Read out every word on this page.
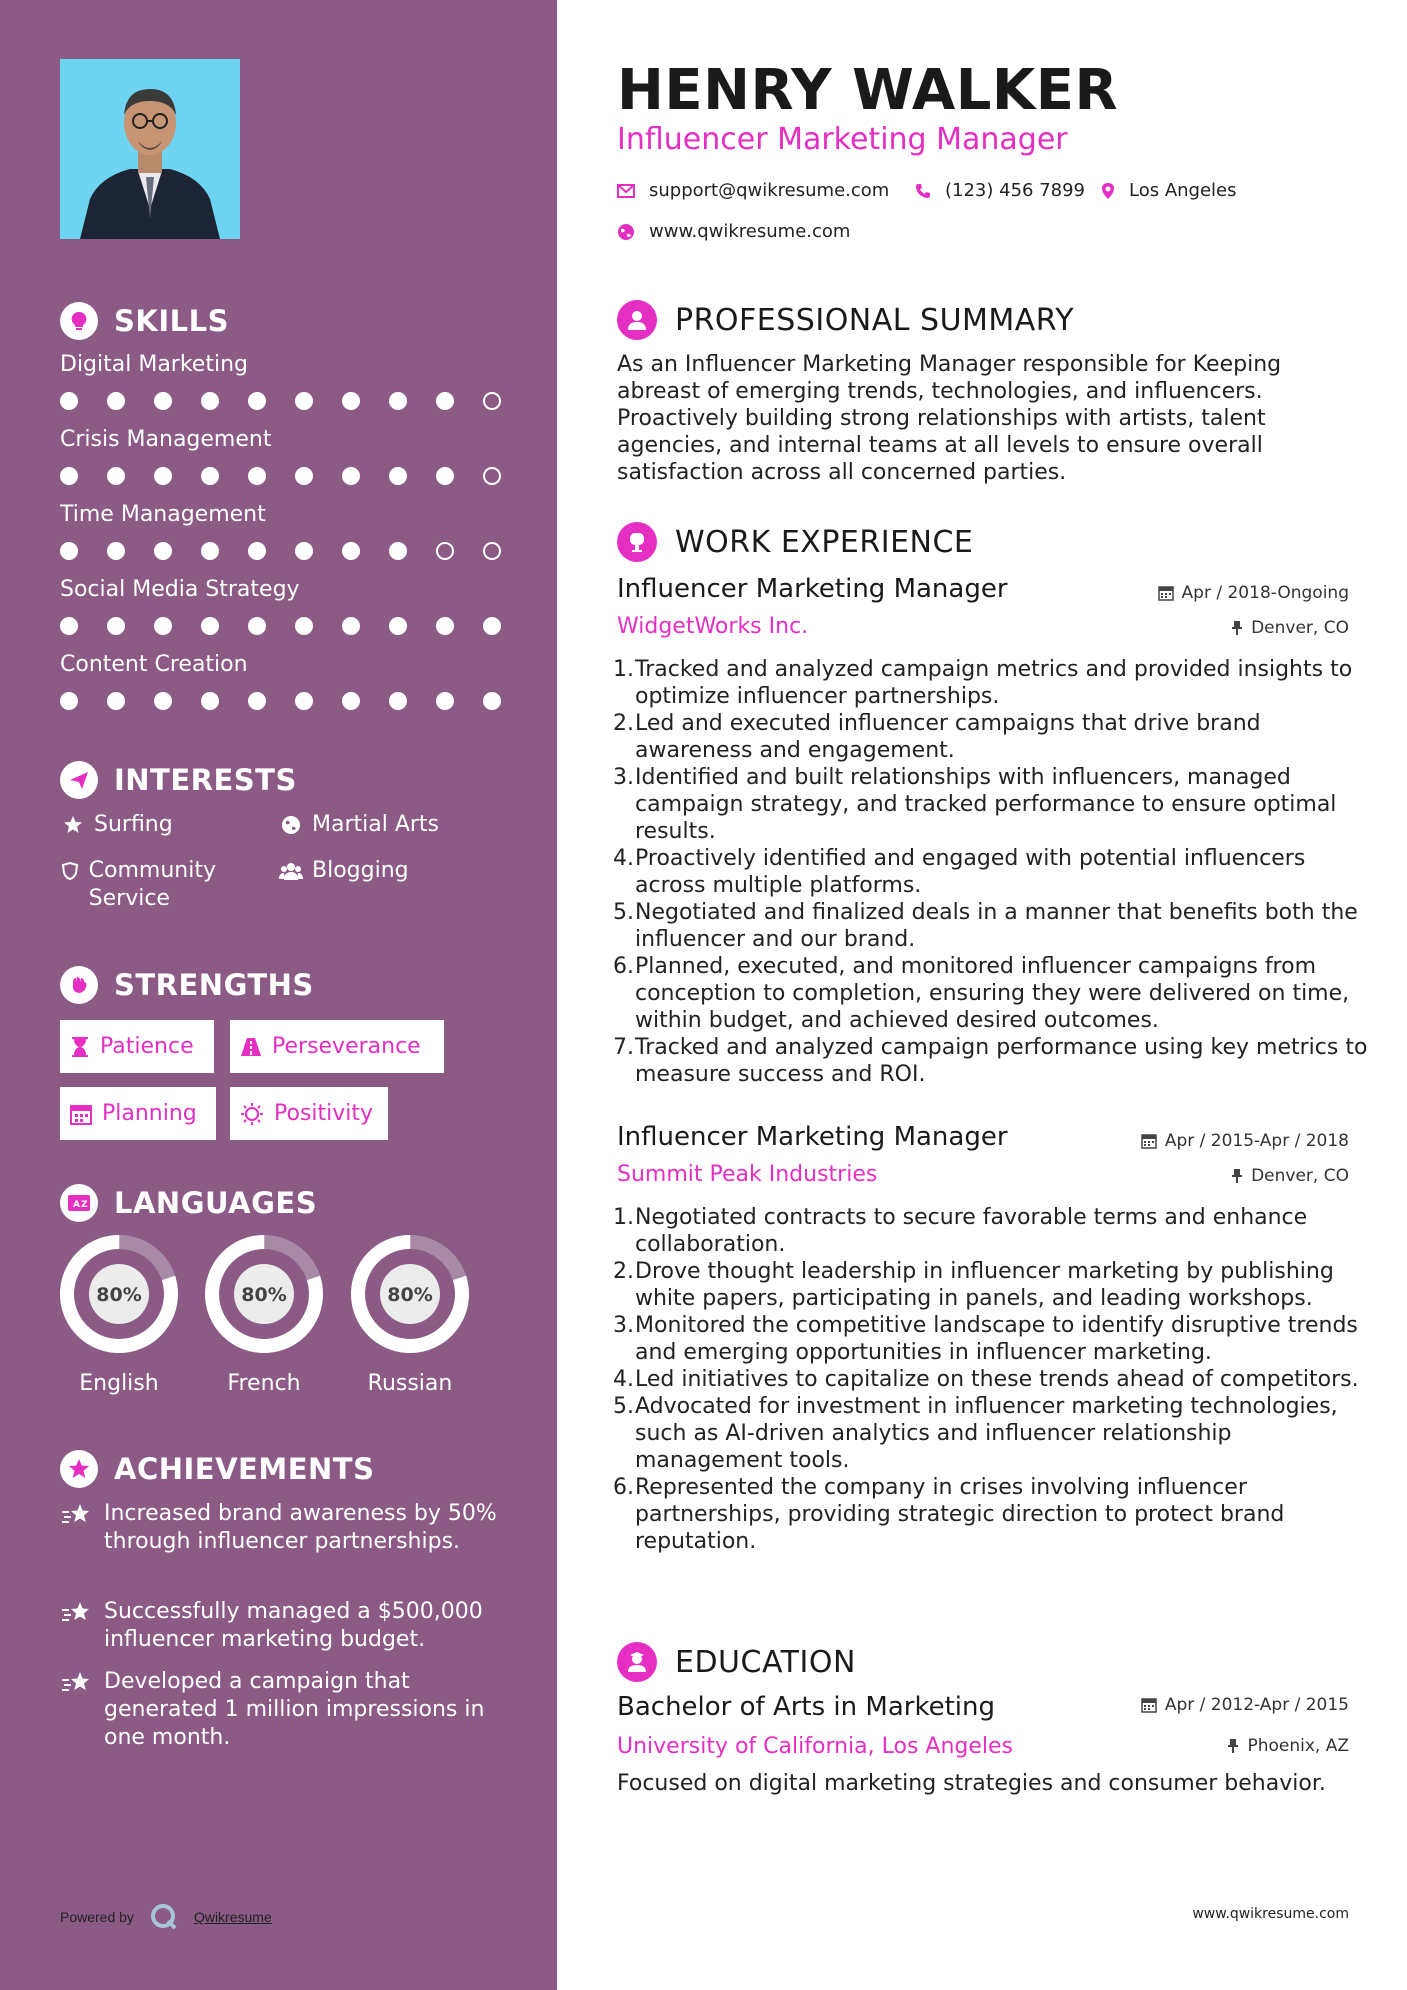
SKILLS
Digital Marketing
Crisis Management
Time Management
Social Media Strategy
Content Creation
INTERESTS
Surfing	Martial Arts
Community Service
Blogging
STRENGTHS
Patience	Perseverance
Planning	Positivity
A Z LANGUAGES
80%
English
80%
French
80%
Russian
ACHIEVEMENTS
Increased brand awareness by 50% through influencer partnerships.
Successfully managed a $500,000 influencer marketing budget.
Developed a campaign that generated 1 million impressions in one month.
Powered by	Qwikresume
HENRY WALKER
Influencer Marketing Manager
support@qwikresume.com	(123) 456 7899 Los Angeles
www.qwikresume.com
PROFESSIONAL SUMMARY
As an Influencer Marketing Manager responsible for Keeping abreast of emerging trends, technologies, and influencers. Proactively building strong relationships with artists, talent agencies, and internal teams at all levels to ensure overall satisfaction across all concerned parties.
WORK EXPERIENCE
Influencer Marketing Manager	Apr / 2018-Ongoing
WidgetWorks Inc.	Denver, CO
1. Tracked and analyzed campaign metrics and provided insights to optimize influencer partnerships.
2. Led and executed influencer campaigns that drive brand awareness and engagement.
3. Identified and built relationships with influencers, managed campaign strategy, and tracked performance to ensure optimal results.
4. Proactively identified and engaged with potential influencers across multiple platforms.
5. Negotiated and finalized deals in a manner that benefits both the influencer and our brand.
6. Planned, executed, and monitored influencer campaigns from conception to completion, ensuring they were delivered on time, within budget, and achieved desired outcomes.
7. Tracked and analyzed campaign performance using key metrics to measure success and ROI.
Influencer Marketing Manager	Apr / 2015-Apr / 2018
Summit Peak Industries	Denver, CO
1. Negotiated contracts to secure favorable terms and enhance collaboration.
2. Drove thought leadership in influencer marketing by publishing white papers, participating in panels, and leading workshops.
3. Monitored the competitive landscape to identify disruptive trends and emerging opportunities in influencer marketing.
4. Led initiatives to capitalize on these trends ahead of competitors.
5. Advocated for investment in influencer marketing technologies, such as AI-driven analytics and influencer relationship management tools.
6. Represented the company in crises involving influencer partnerships, providing strategic direction to protect brand reputation.
EDUCATION
Bachelor of Arts in Marketing	Apr / 2012-Apr / 2015
University of California, Los Angeles	Phoenix, AZ
Focused on digital marketing strategies and consumer behavior.
www.qwikresume.com
